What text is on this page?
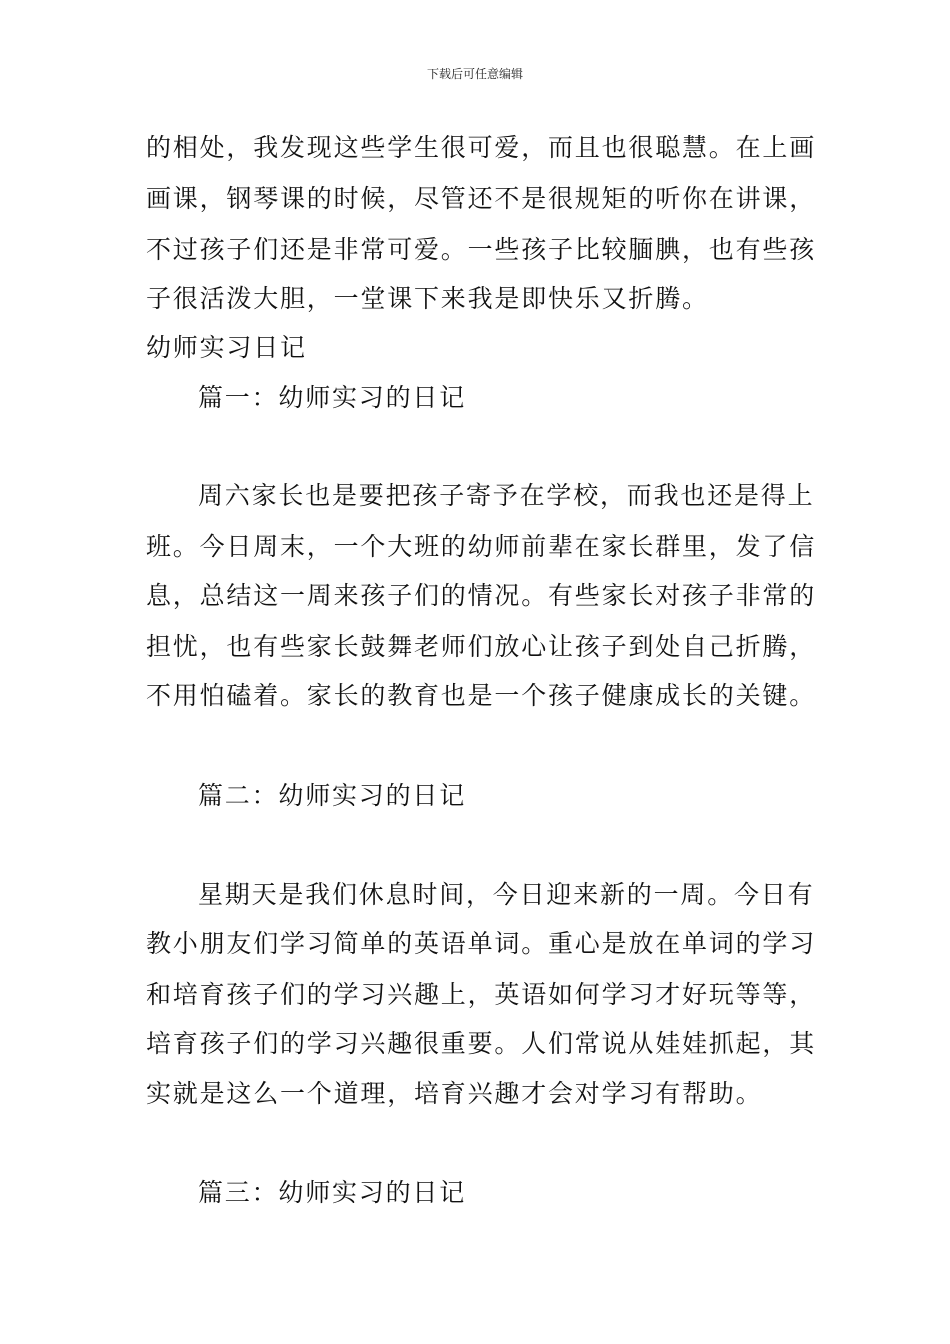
下载后可任意编辑
的相处，我发现这些学生很可爱，而且也很聪慧。在上画
画课，钢琴课的时候，尽管还不是很规矩的听你在讲课，
不过孩子们还是非常可爱。一些孩子比较腼腆，也有些孩
子很活泼大胆，一堂课下来我是即快乐又折腾。
幼师实习日记
篇一：幼师实习的日记
周六家长也是要把孩子寄予在学校，而我也还是得上
班。今日周末，一个大班的幼师前辈在家长群里，发了信
息，总结这一周来孩子们的情况。有些家长对孩子非常的
担忧，也有些家长鼓舞老师们放心让孩子到处自己折腾，
不用怕磕着。家长的教育也是一个孩子健康成长的关键。
篇二：幼师实习的日记
星期天是我们休息时间，今日迎来新的一周。今日有
教小朋友们学习简单的英语单词。重心是放在单词的学习
和培育孩子们的学习兴趣上，英语如何学习才好玩等等，
培育孩子们的学习兴趣很重要。人们常说从娃娃抓起，其
实就是这么一个道理，培育兴趣才会对学习有帮助。
篇三：幼师实习的日记
